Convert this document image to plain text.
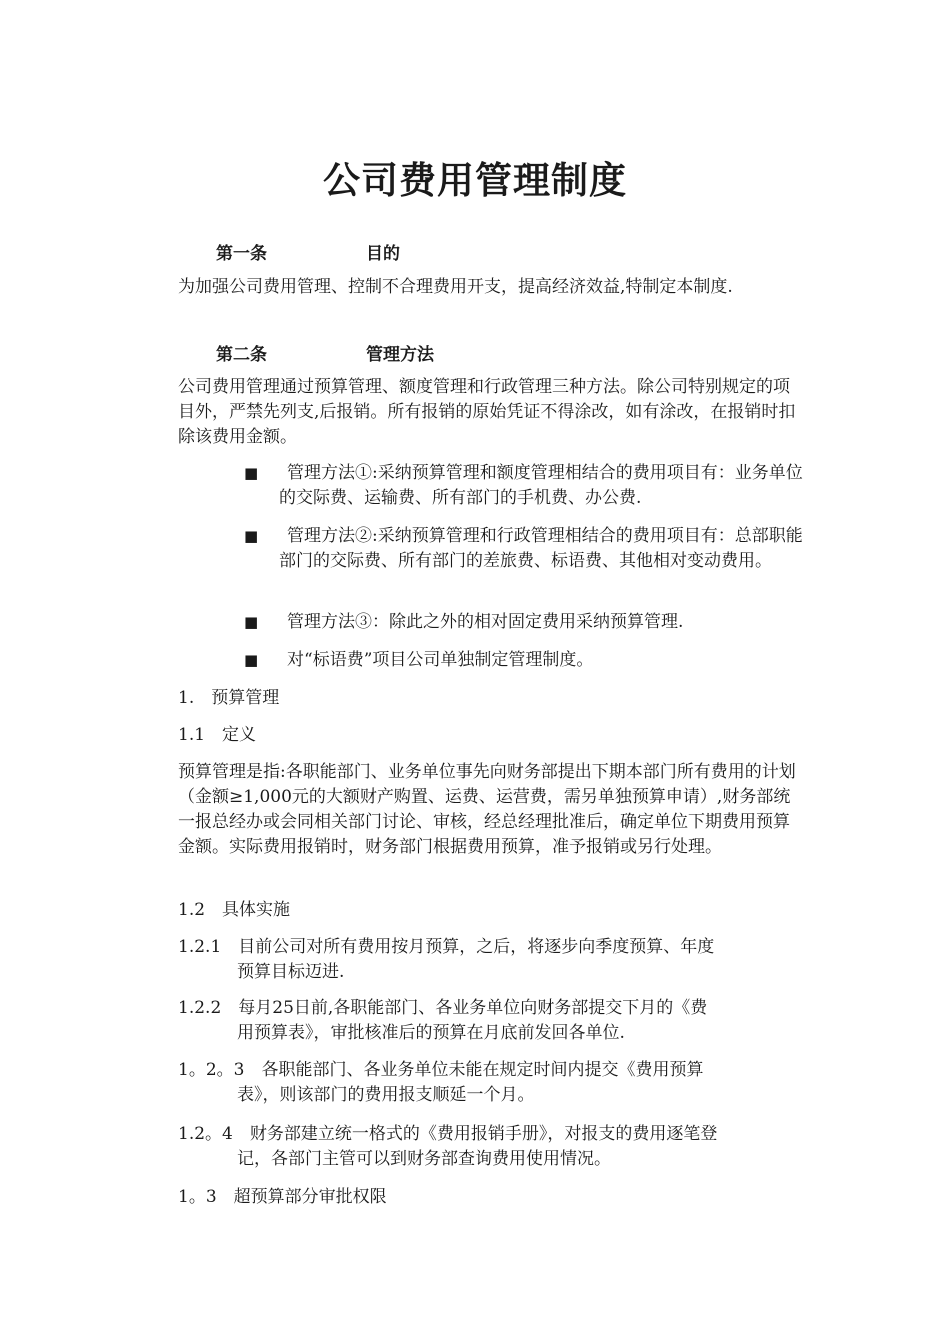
公司费用管理制度
第一条	目的
为加强公司费用管理、控制不合理费用开支，提高经济效益,特制定本制度.
第二条	管理方法
公司费用管理通过预算管理、额度管理和行政管理三种方法。除公司特别规定的项目外，严禁先列支,后报销。所有报销的原始凭证不得涂改，如有涂改，在报销时扣除该费用金额。
■	管理方法①:采纳预算管理和额度管理相结合的费用项目有：业务单位的交际费、运输费、所有部门的手机费、办公费.
■	管理方法②:采纳预算管理和行政管理相结合的费用项目有：总部职能部门的交际费、所有部门的差旅费、标语费、其他相对变动费用。
■	管理方法③：除此之外的相对固定费用采纳预算管理.
■	对“标语费”项目公司单独制定管理制度。
1.　预算管理
1.1　定义
预算管理是指:各职能部门、业务单位事先向财务部提出下期本部门所有费用的计划（金额≥1,000元的大额财产购置、运费、运营费，需另单独预算申请）,财务部统一报总经办或会同相关部门讨论、审核，经总经理批准后，确定单位下期费用预算金额。实际费用报销时，财务部门根据费用预算，准予报销或另行处理。
1.2　具体实施
1.2.1　目前公司对所有费用按月预算，之后，将逐步向季度预算、年度
预算目标迈进.
1.2.2　每月25日前,各职能部门、各业务单位向财务部提交下月的《费
用预算表》，审批核准后的预算在月底前发回各单位.
1。2。3　各职能部门、各业务单位未能在规定时间内提交《费用预算
表》，则该部门的费用报支顺延一个月。
1.2。4　财务部建立统一格式的《费用报销手册》，对报支的费用逐笔登
记，各部门主管可以到财务部查询费用使用情况。
1。3　超预算部分审批权限
